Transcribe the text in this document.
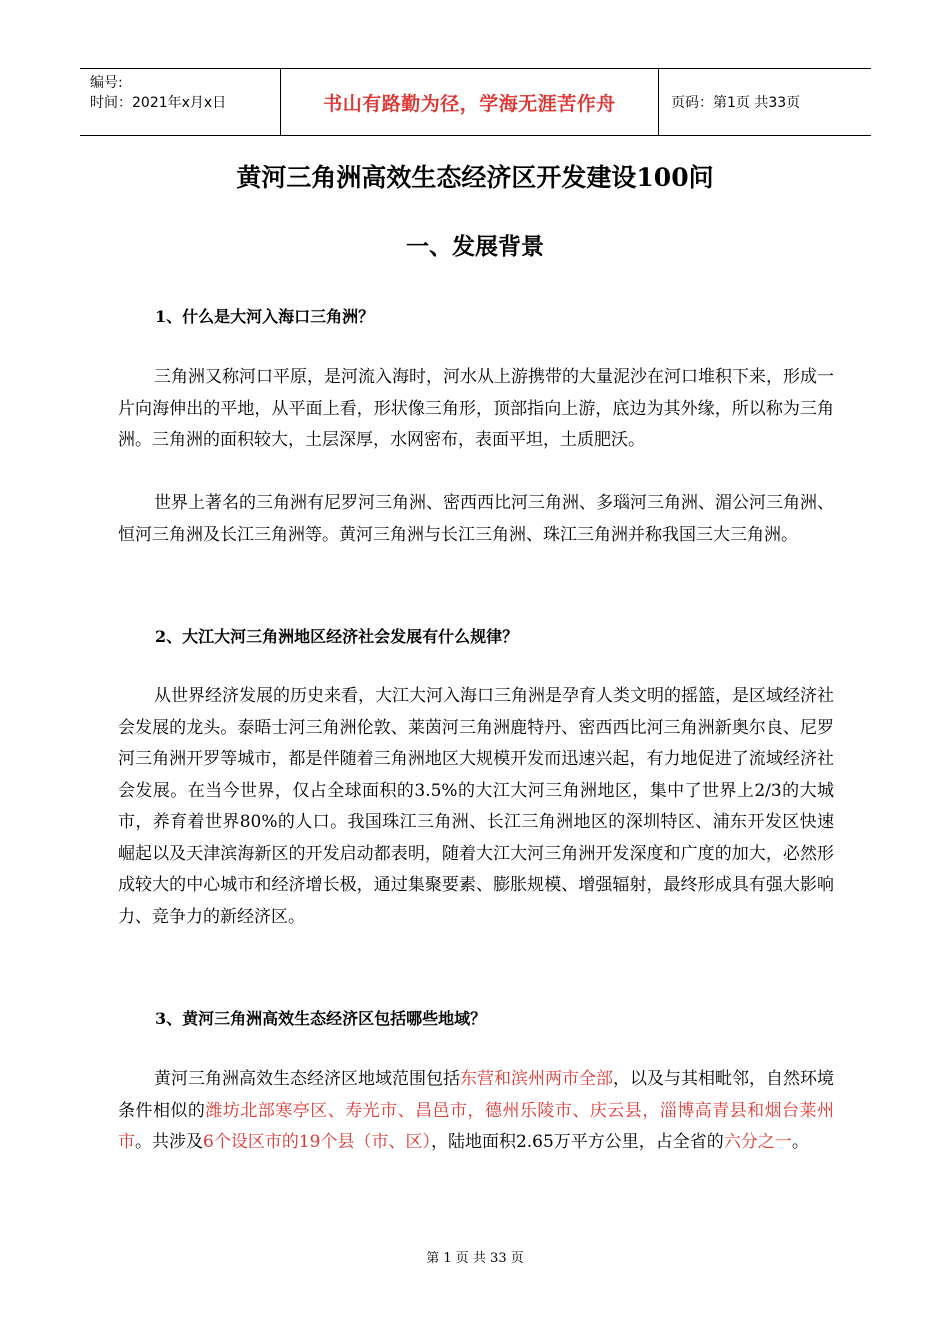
编号:
时间：2021年x月x日	书山有路勤为径，学海无涯苦作舟	页码：第1页 共33页
黄河三角洲高效生态经济区开发建设100问
一、发展背景
1、什么是大河入海口三角洲？

三角洲又称河口平原，是河流入海时，河水从上游携带的大量泥沙在河口堆积下来，形成一片向海伸出的平地，从平面上看，形状像三角形，顶部指向上游，底边为其外缘，所以称为三角洲。三角洲的面积较大，土层深厚，水网密布，表面平坦，土质肥沃。

世界上著名的三角洲有尼罗河三角洲、密西西比河三角洲、多瑙河三角洲、湄公河三角洲、恒河三角洲及长江三角洲等。黄河三角洲与长江三角洲、珠江三角洲并称我国三大三角洲。

2、大江大河三角洲地区经济社会发展有什么规律？

从世界经济发展的历史来看，大江大河入海口三角洲是孕育人类文明的摇篮，是区域经济社会发展的龙头。泰晤士河三角洲伦敦、莱茵河三角洲鹿特丹、密西西比河三角洲新奥尔良、尼罗河三角洲开罗等城市，都是伴随着三角洲地区大规模开发而迅速兴起，有力地促进了流域经济社会发展。在当今世界，仅占全球面积的3.5%的大江大河三角洲地区，集中了世界上2/3的大城市，养育着世界80%的人口。我国珠江三角洲、长江三角洲地区的深圳特区、浦东开发区快速崛起以及天津滨海新区的开发启动都表明，随着大江大河三角洲开发深度和广度的加大，必然形成较大的中心城市和经济增长极，通过集聚要素、膨胀规模、增强辐射，最终形成具有强大影响力、竞争力的新经济区。

3、黄河三角洲高效生态经济区包括哪些地域？

黄河三角洲高效生态经济区地域范围包括东营和滨州两市全部，以及与其相毗邻，自然环境条件相似的潍坊北部寒亭区、寿光市、昌邑市，德州乐陵市、庆云县，淄博高青县和烟台莱州市。共涉及6个设区市的19个县（市、区），陆地面积2.65万平方公里，占全省的六分之一。

第 1 页 共 33 页
